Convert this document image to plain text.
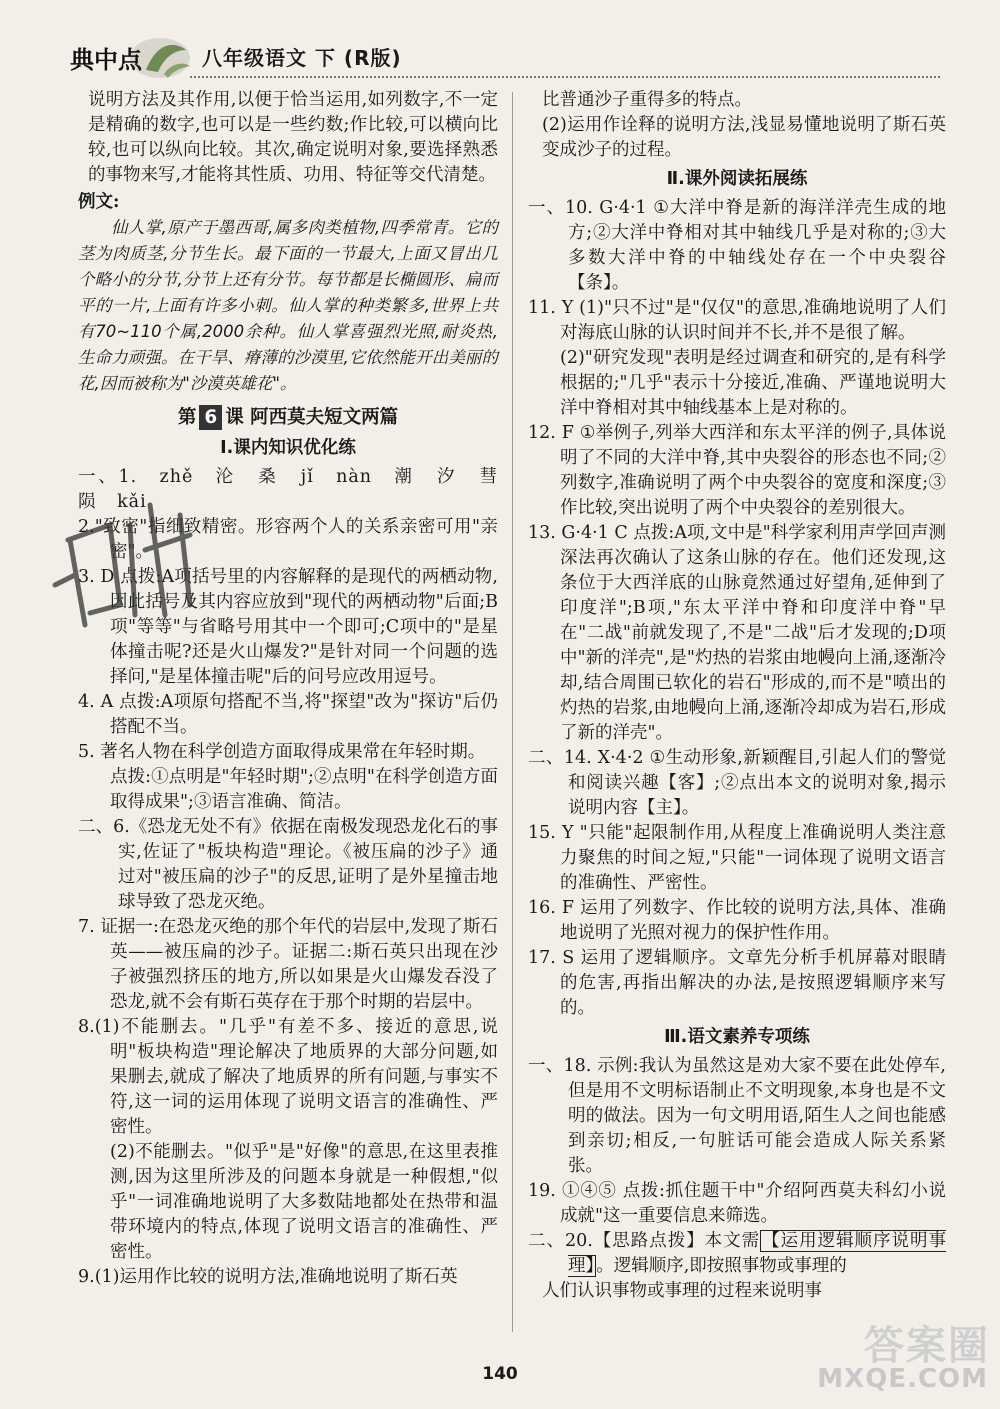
典中点	八年级语文 下 (R版)

说明方法及其作用,以便于恰当运用,如列数字,不一定是精确的数字,也可以是一些约数;作比较,可以横向比较,也可以纵向比较。其次,确定说明对象,要选择熟悉的事物来写,才能将其性质、功用、特征等交代清楚。

例文:

仙人掌,原产于墨西哥,属多肉类植物,四季常青。它的茎为肉质茎,分节生长。最下面的一节最大,上面又冒出几个略小的分节,分节上还有分节。每节都是长椭圆形、扁而平的一片,上面有许多小刺。仙人掌的种类繁多,世界上共有70~110个属,2000余种。仙人掌喜强烈光照,耐炎热,生命力顽强。在干旱、瘠薄的沙漠里,它依然能开出美丽的花,因而被称为"沙漠英雄花"。

第 6 课 阿西莫夫短文两篇
Ⅰ.课内知识优化练

一、1. zhě 沦 桑 jǐ nàn 潮 汐 彗 陨 kǎi

2."致密"指细致精密。形容两个人的关系亲密可用"亲密"。

3. D 点拨:A项括号里的内容解释的是现代的两栖动物,因此括号及其内容应放到"现代的两栖动物"后面;B项"等等"与省略号用其中一个即可;C项中的"是星体撞击呢?还是火山爆发?"是针对同一个问题的选择问,"是星体撞击呢"后的问号应改用逗号。

4. A 点拨:A项原句搭配不当,将"探望"改为"探访"后仍搭配不当。

5. 著名人物在科学创造方面取得成果常在年轻时期。

点拨:①点明是"年轻时期";②点明"在科学创造方面取得成果";③语言准确、简洁。

二、6.《恐龙无处不有》依据在南极发现恐龙化石的事实,佐证了"板块构造"理论。《被压扁的沙子》通过对"被压扁的沙子"的反思,证明了是外星撞击地球导致了恐龙灭绝。

7. 证据一:在恐龙灭绝的那个年代的岩层中,发现了斯石英——被压扁的沙子。证据二:斯石英只出现在沙子被强烈挤压的地方,所以如果是火山爆发吞没了恐龙,就不会有斯石英存在于那个时期的岩层中。

8.(1)不能删去。"几乎"有差不多、接近的意思,说明"板块构造"理论解决了地质界的大部分问题,如果删去,就成了解决了地质界的所有问题,与事实不符,这一词的运用体现了说明文语言的准确性、严密性。

(2)不能删去。"似乎"是"好像"的意思,在这里表推测,因为这里所涉及的问题本身就是一种假想,"似乎"一词准确地说明了大多数陆地都处在热带和温带环境内的特点,体现了说明文语言的准确性、严密性。

9.(1)运用作比较的说明方法,准确地说明了斯石英

比普通沙子重得多的特点。

(2)运用作诠释的说明方法,浅显易懂地说明了斯石英变成沙子的过程。

Ⅱ.课外阅读拓展练

一、10. G·4·1 ①大洋中脊是新的海洋洋壳生成的地方;②大洋中脊相对其中轴线几乎是对称的;③大多数大洋中脊的中轴线处存在一个中央裂谷【条】。

11. Y (1)"只不过"是"仅仅"的意思,准确地说明了人们对海底山脉的认识时间并不长,并不是很了解。

(2)"研究发现"表明是经过调查和研究的,是有科学根据的;"几乎"表示十分接近,准确、严谨地说明大洋中脊相对其中轴线基本上是对称的。

12. F ①举例子,列举大西洋和东太平洋的例子,具体说明了不同的大洋中脊,其中央裂谷的形态也不同;②列数字,准确说明了两个中央裂谷的宽度和深度;③作比较,突出说明了两个中央裂谷的差别很大。

13. G·4·1 C 点拨:A项,文中是"科学家利用声学回声测深法再次确认了这条山脉的存在。他们还发现,这条位于大西洋底的山脉竟然通过好望角,延伸到了印度洋";B项,"东太平洋中脊和印度洋中脊"早在"二战"前就发现了,不是"二战"后才发现的;D项中"新的洋壳",是"灼热的岩浆由地幔向上涌,逐渐冷却,结合周围已软化的岩石"形成的,而不是"喷出的灼热的岩浆,由地幔向上涌,逐渐冷却成为岩石,形成了新的洋壳"。

二、14. X·4·2 ①生动形象,新颖醒目,引起人们的警觉和阅读兴趣【客】;②点出本文的说明对象,揭示说明内容【主】。

15. Y "只能"起限制作用,从程度上准确说明人类注意力聚焦的时间之短,"只能"一词体现了说明文语言的准确性、严密性。

16. F 运用了列数字、作比较的说明方法,具体、准确地说明了光照对视力的保护性作用。

17. S 运用了逻辑顺序。文章先分析手机屏幕对眼睛的危害,再指出解决的办法,是按照逻辑顺序来写的。

Ⅲ.语文素养专项练

一、18. 示例:我认为虽然这是劝大家不要在此处停车,但是用不文明标语制止不文明现象,本身也是不文明的做法。因为一句文明用语,陌生人之间也能感到亲切;相反,一句脏话可能会造成人际关系紧张。

19. ①④⑤ 点拨:抓住题干中"介绍阿西莫夫科幻小说成就"这一重要信息来筛选。

二、20.【思路点拨】本文需 【运用逻辑顺序说明事理】 。逻辑顺序,即按照事物或事理的

人们认识事物或事理的过程来说明事

140
答案圈
MXQE.COM
